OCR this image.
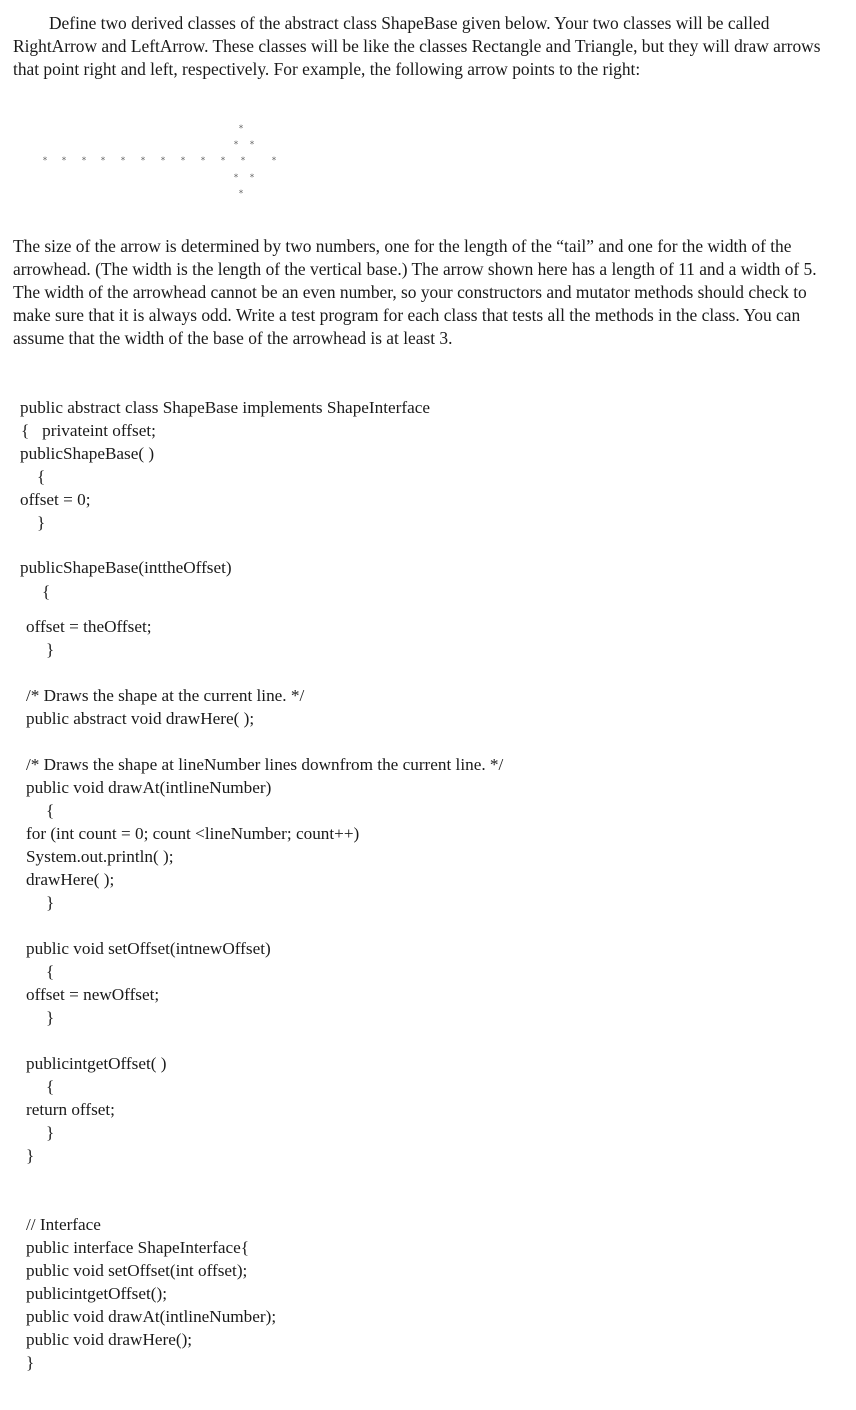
Define two derived classes of the abstract class ShapeBase given below. Your two classes will be called RightArrow and LeftArrow. These classes will be like the classes Rectangle and Triangle, but they will draw arrows that point right and left, respectively. For example, the following arrow points to the right:
*
*	*
*	*	*	*	*	*	*	*	*	*	*	*
*	*
*
The size of the arrow is determined by two numbers, one for the length of the “tail” and one for the width of the arrowhead. (The width is the length of the vertical base.) The arrow shown here has a length of 11 and a width of 5. The width of the arrowhead cannot be an even number, so your constructors and mutator methods should check to make sure that it is always odd. Write a test program for each class that tests all the methods in the class. You can assume that the width of the base of the arrowhead is at least 3.
public abstract class ShapeBase implements ShapeInterface
{   privateint offset;
publicShapeBase( )
{
offset = 0;
}
publicShapeBase(inttheOffset)
{
offset = theOffset;
}
/* Draws the shape at the current line. */
public abstract void drawHere( );
/* Draws the shape at lineNumber lines downfrom the current line. */
public void drawAt(intlineNumber)
{
for (int count = 0; count <lineNumber; count++)
System.out.println( );
drawHere( );
}
public void setOffset(intnewOffset)
{
offset = newOffset;
}
publicintgetOffset( )
{
return offset;
}
}
// Interface
public interface ShapeInterface{
public void setOffset(int offset);
publicintgetOffset();
public void drawAt(intlineNumber);
public void drawHere();
}
